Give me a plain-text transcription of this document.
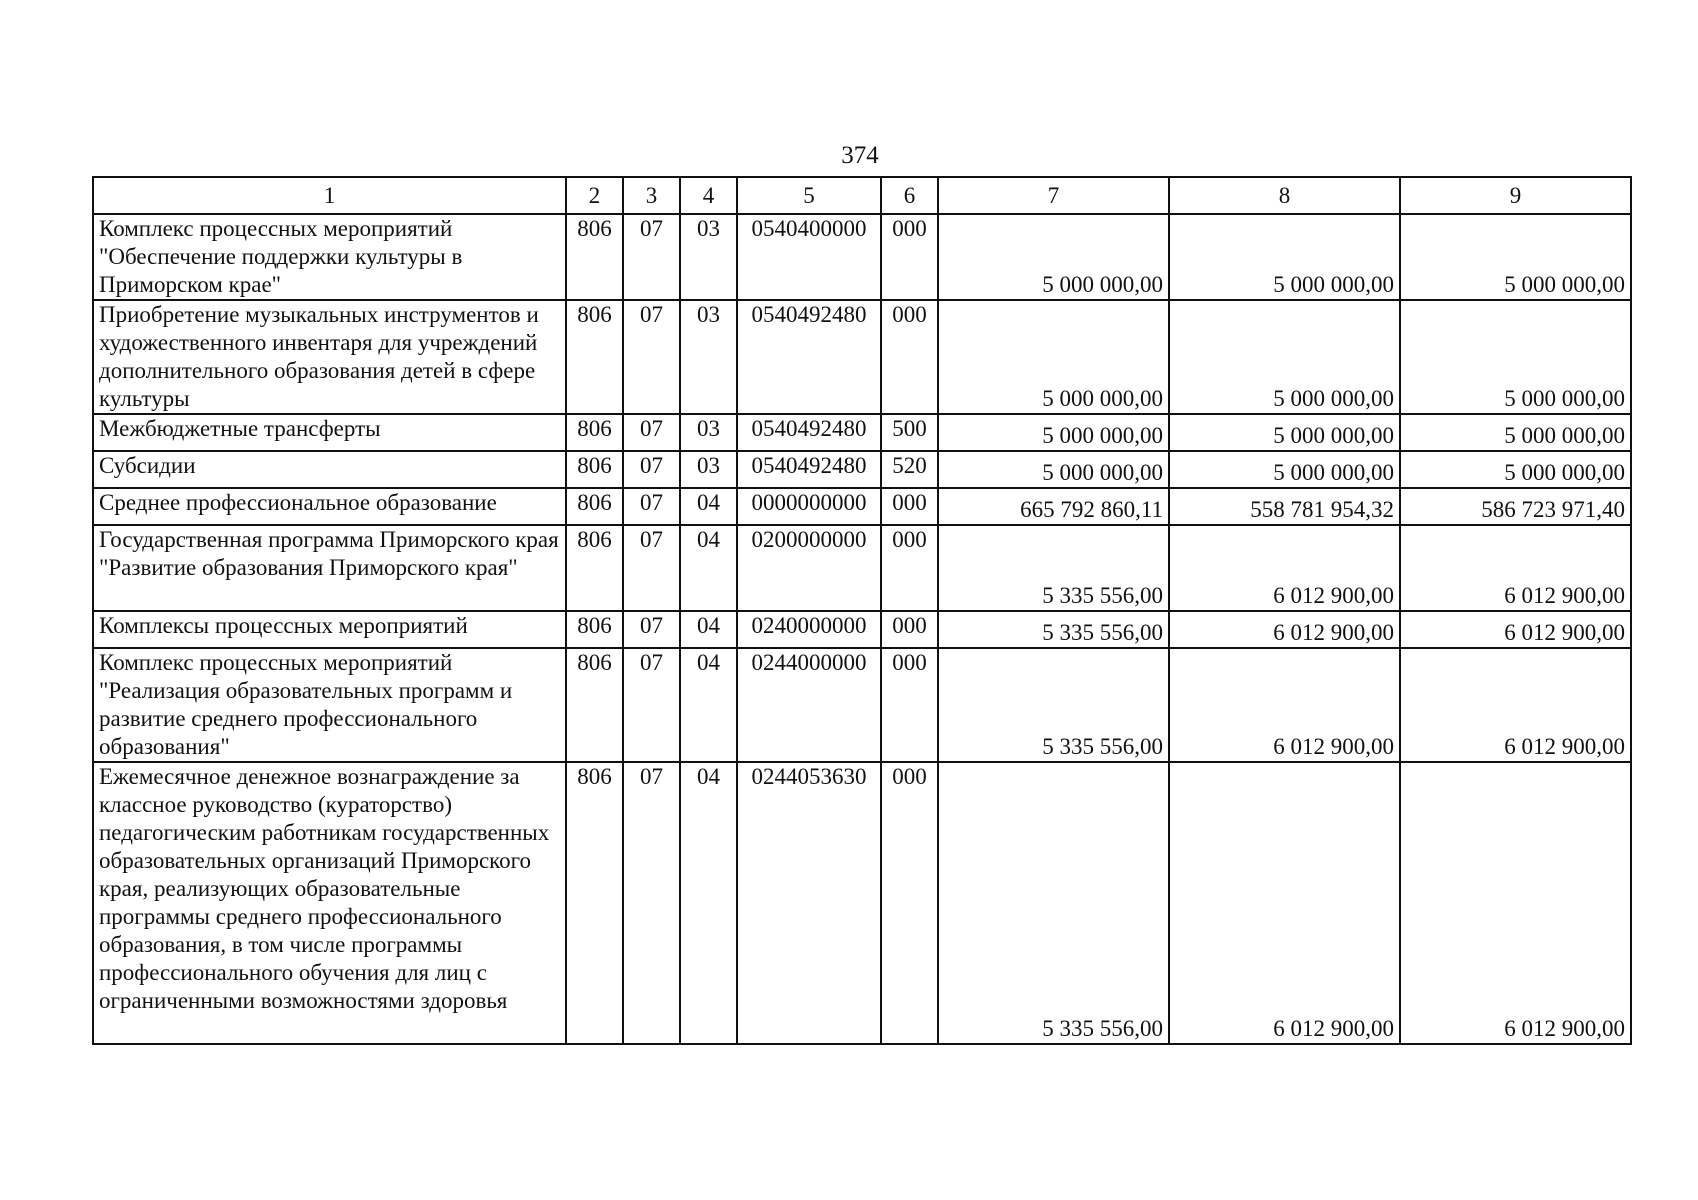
374
1	2	3	4	5	6	7	8	9
Комплекс процессных мероприятий "Обеспечение поддержки культуры в Приморском крае"	806	07	03	0540400000	000	5 000 000,00	5 000 000,00	5 000 000,00
Приобретение музыкальных инструментов и художественного инвентаря для учреждений дополнительного образования детей в сфере культуры	806	07	03	0540492480	000	5 000 000,00	5 000 000,00	5 000 000,00
Межбюджетные трансферты	806	07	03	0540492480	500	5 000 000,00	5 000 000,00	5 000 000,00
Субсидии	806	07	03	0540492480	520	5 000 000,00	5 000 000,00	5 000 000,00
Среднее профессиональное образование	806	07	04	0000000000	000	665 792 860,11	558 781 954,32	586 723 971,40
Государственная программа Приморского края "Развитие образования Приморского края"	806	07	04	0200000000	000	5 335 556,00	6 012 900,00	6 012 900,00
Комплексы процессных мероприятий	806	07	04	0240000000	000	5 335 556,00	6 012 900,00	6 012 900,00
Комплекс процессных мероприятий "Реализация образовательных программ и развитие среднего профессионального образования"	806	07	04	0244000000	000	5 335 556,00	6 012 900,00	6 012 900,00
Ежемесячное денежное вознаграждение за классное руководство (кураторство) педагогическим работникам государственных образовательных организаций Приморского края, реализующих образовательные программы среднего профессионального образования, в том числе программы профессионального обучения для лиц с ограниченными возможностями здоровья	806	07	04	0244053630	000	5 335 556,00	6 012 900,00	6 012 900,00
